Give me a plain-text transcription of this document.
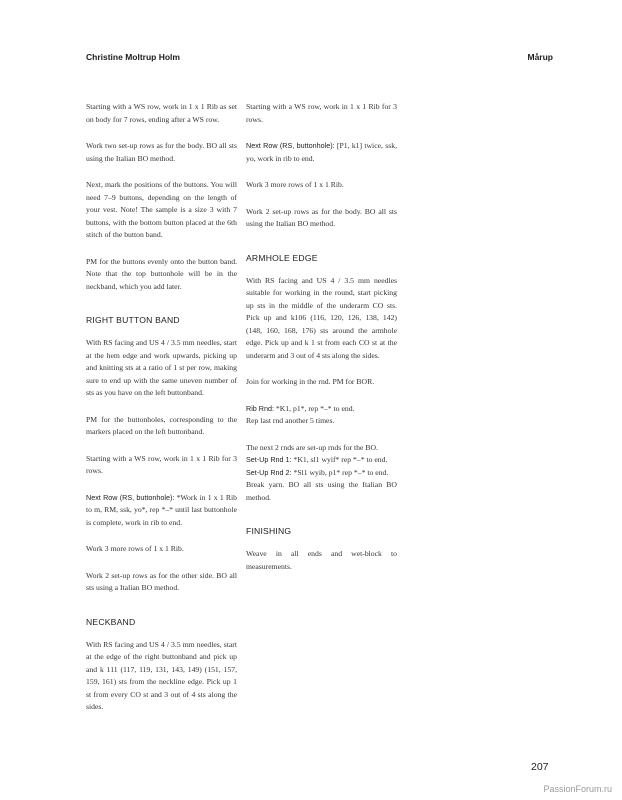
Christine Moltrup Holm	Mårup

Starting with a WS row, work in 1 x 1 Rib as set on body for 7 rows, ending after a WS row.

Work two set-up rows as for the body. BO all sts using the Italian BO method.

Next, mark the positions of the buttons. You will need 7–9 buttons, depending on the length of your vest. Note! The sample is a size 3 with 7 buttons, with the bottom button placed at the 6th stitch of the button band.

PM for the buttons evenly onto the button band. Note that the top buttonhole will be in the neckband, which you add later.

RIGHT BUTTON BAND

With RS facing and US 4 / 3.5 mm needles, start at the hem edge and work upwards, picking up and knitting sts at a ratio of 1 st per row, making sure to end up with the same uneven number of sts as you have on the left buttonband.

PM for the buttonholes, corresponding to the markers placed on the left buttonband.

Starting with a WS row, work in 1 x 1 Rib for 3 rows.

Next Row (RS, buttonhole): *Work in 1 x 1 Rib to m, RM, ssk, yo*, rep *–* until last buttonhole is complete, work in rib to end.

Work 3 more rows of 1 x 1 Rib.

Work 2 set-up rows as for the other side. BO all sts using a Italian BO method.

NECKBAND

With RS facing and US 4 / 3.5 mm needles, start at the edge of the right buttonband and pick up and k 111 (117, 119, 131, 143, 149) (151, 157, 159, 161) sts from the neckline edge. Pick up 1 st from every CO st and 3 out of 4 sts along the sides.

Starting with a WS row, work in 1 x 1 Rib for 3 rows.

Next Row (RS, buttonhole): [P1, k1] twice, ssk, yo, work in rib to end.

Work 3 more rows of 1 x 1 Rib.

Work 2 set-up rows as for the body. BO all sts using the Italian BO method.

ARMHOLE EDGE

With RS facing and US 4 / 3.5 mm needles suitable for working in the round, start picking up sts in the middle of the underarm CO sts. Pick up and k106 (116, 120, 126, 138, 142) (148, 160, 168, 176) sts around the armhole edge. Pick up and k 1 st from each CO st at the underarm and 3 out of 4 sts along the sides.

Join for working in the rnd. PM for BOR.

Rib Rnd: *K1, p1*, rep *–* to end.

Rep last rnd another 5 times.

The next 2 rnds are set-up rnds for the BO.

Set-Up Rnd 1: *K1, sl1 wyif* rep *–* to end.

Set-Up Rnd 2: *Sl1 wyib, p1* rep *–* to end.

Break yarn. BO all sts using the Italian BO method.

FINISHING

Weave in all ends and wet-block to measurements.

207
PassionForum.ru
